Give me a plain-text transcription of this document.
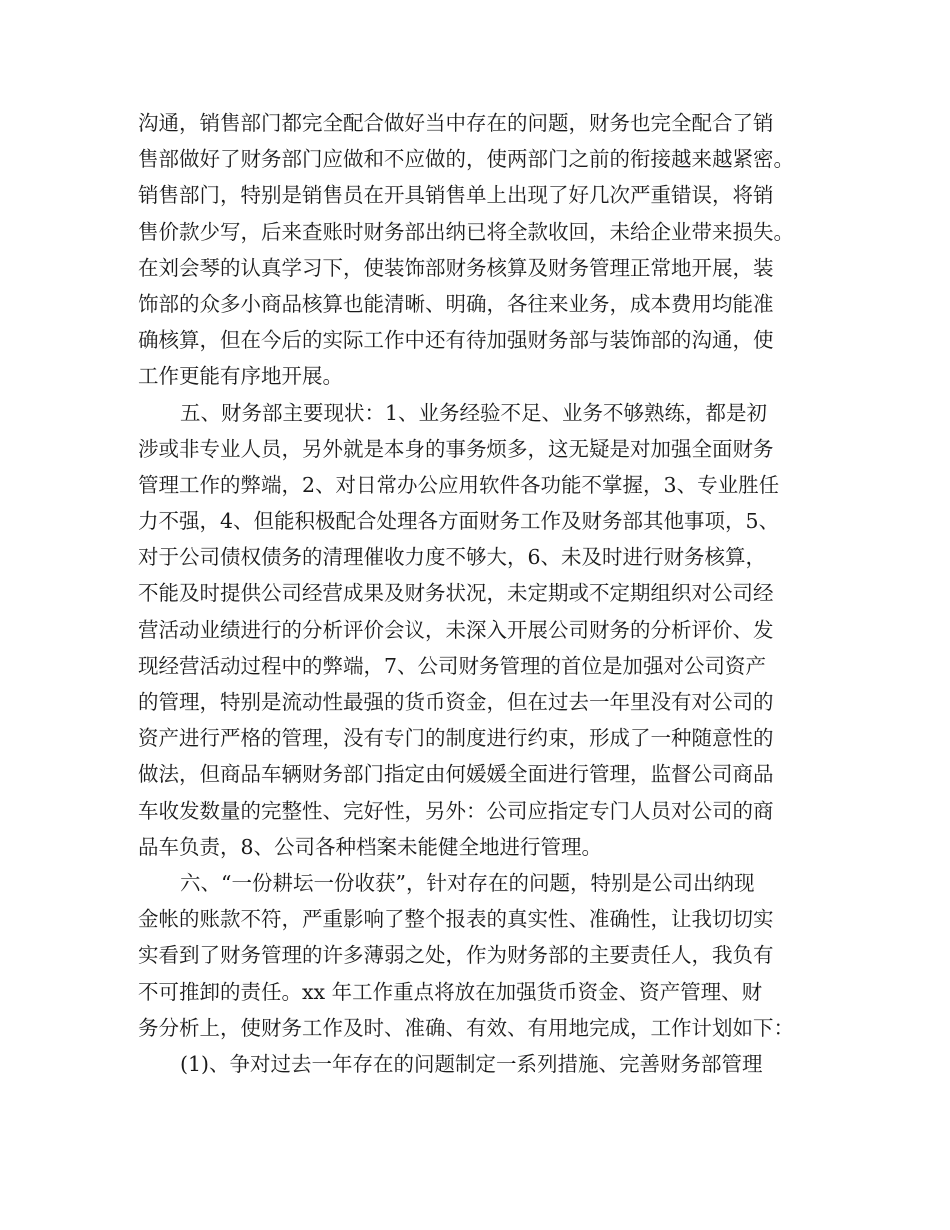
沟通，销售部门都完全配合做好当中存在的问题，财务也完全配合了销
售部做好了财务部门应做和不应做的，使两部门之前的衔接越来越紧密。
销售部门，特别是销售员在开具销售单上出现了好几次严重错误，将销
售价款少写，后来查账时财务部出纳已将全款收回，未给企业带来损失。
在刘会琴的认真学习下，使装饰部财务核算及财务管理正常地开展，装
饰部的众多小商品核算也能清晰、明确，各往来业务，成本费用均能准
确核算，但在今后的实际工作中还有待加强财务部与装饰部的沟通，使
工作更能有序地开展。
五、财务部主要现状：1、业务经验不足、业务不够熟练，都是初
涉或非专业人员，另外就是本身的事务烦多，这无疑是对加强全面财务
管理工作的弊端，2、对日常办公应用软件各功能不掌握，3、专业胜任
力不强，4、但能积极配合处理各方面财务工作及财务部其他事项，5、
对于公司债权债务的清理催收力度不够大，6、未及时进行财务核算，
不能及时提供公司经营成果及财务状况，未定期或不定期组织对公司经
营活动业绩进行的分析评价会议，未深入开展公司财务的分析评价、发
现经营活动过程中的弊端，7、公司财务管理的首位是加强对公司资产
的管理，特别是流动性最强的货币资金，但在过去一年里没有对公司的
资产进行严格的管理，没有专门的制度进行约束，形成了一种随意性的
做法，但商品车辆财务部门指定由何媛媛全面进行管理，监督公司商品
车收发数量的完整性、完好性，另外：公司应指定专门人员对公司的商
品车负责，8、公司各种档案未能健全地进行管理。
六、“一份耕坛一份收获”，针对存在的问题，特别是公司出纳现
金帐的账款不符，严重影响了整个报表的真实性、准确性，让我切切实
实看到了财务管理的许多薄弱之处，作为财务部的主要责任人，我负有
不可推卸的责任。xx 年工作重点将放在加强货币资金、资产管理、财
务分析上，使财务工作及时、准确、有效、有用地完成，工作计划如下：
(1)、争对过去一年存在的问题制定一系列措施、完善财务部管理
